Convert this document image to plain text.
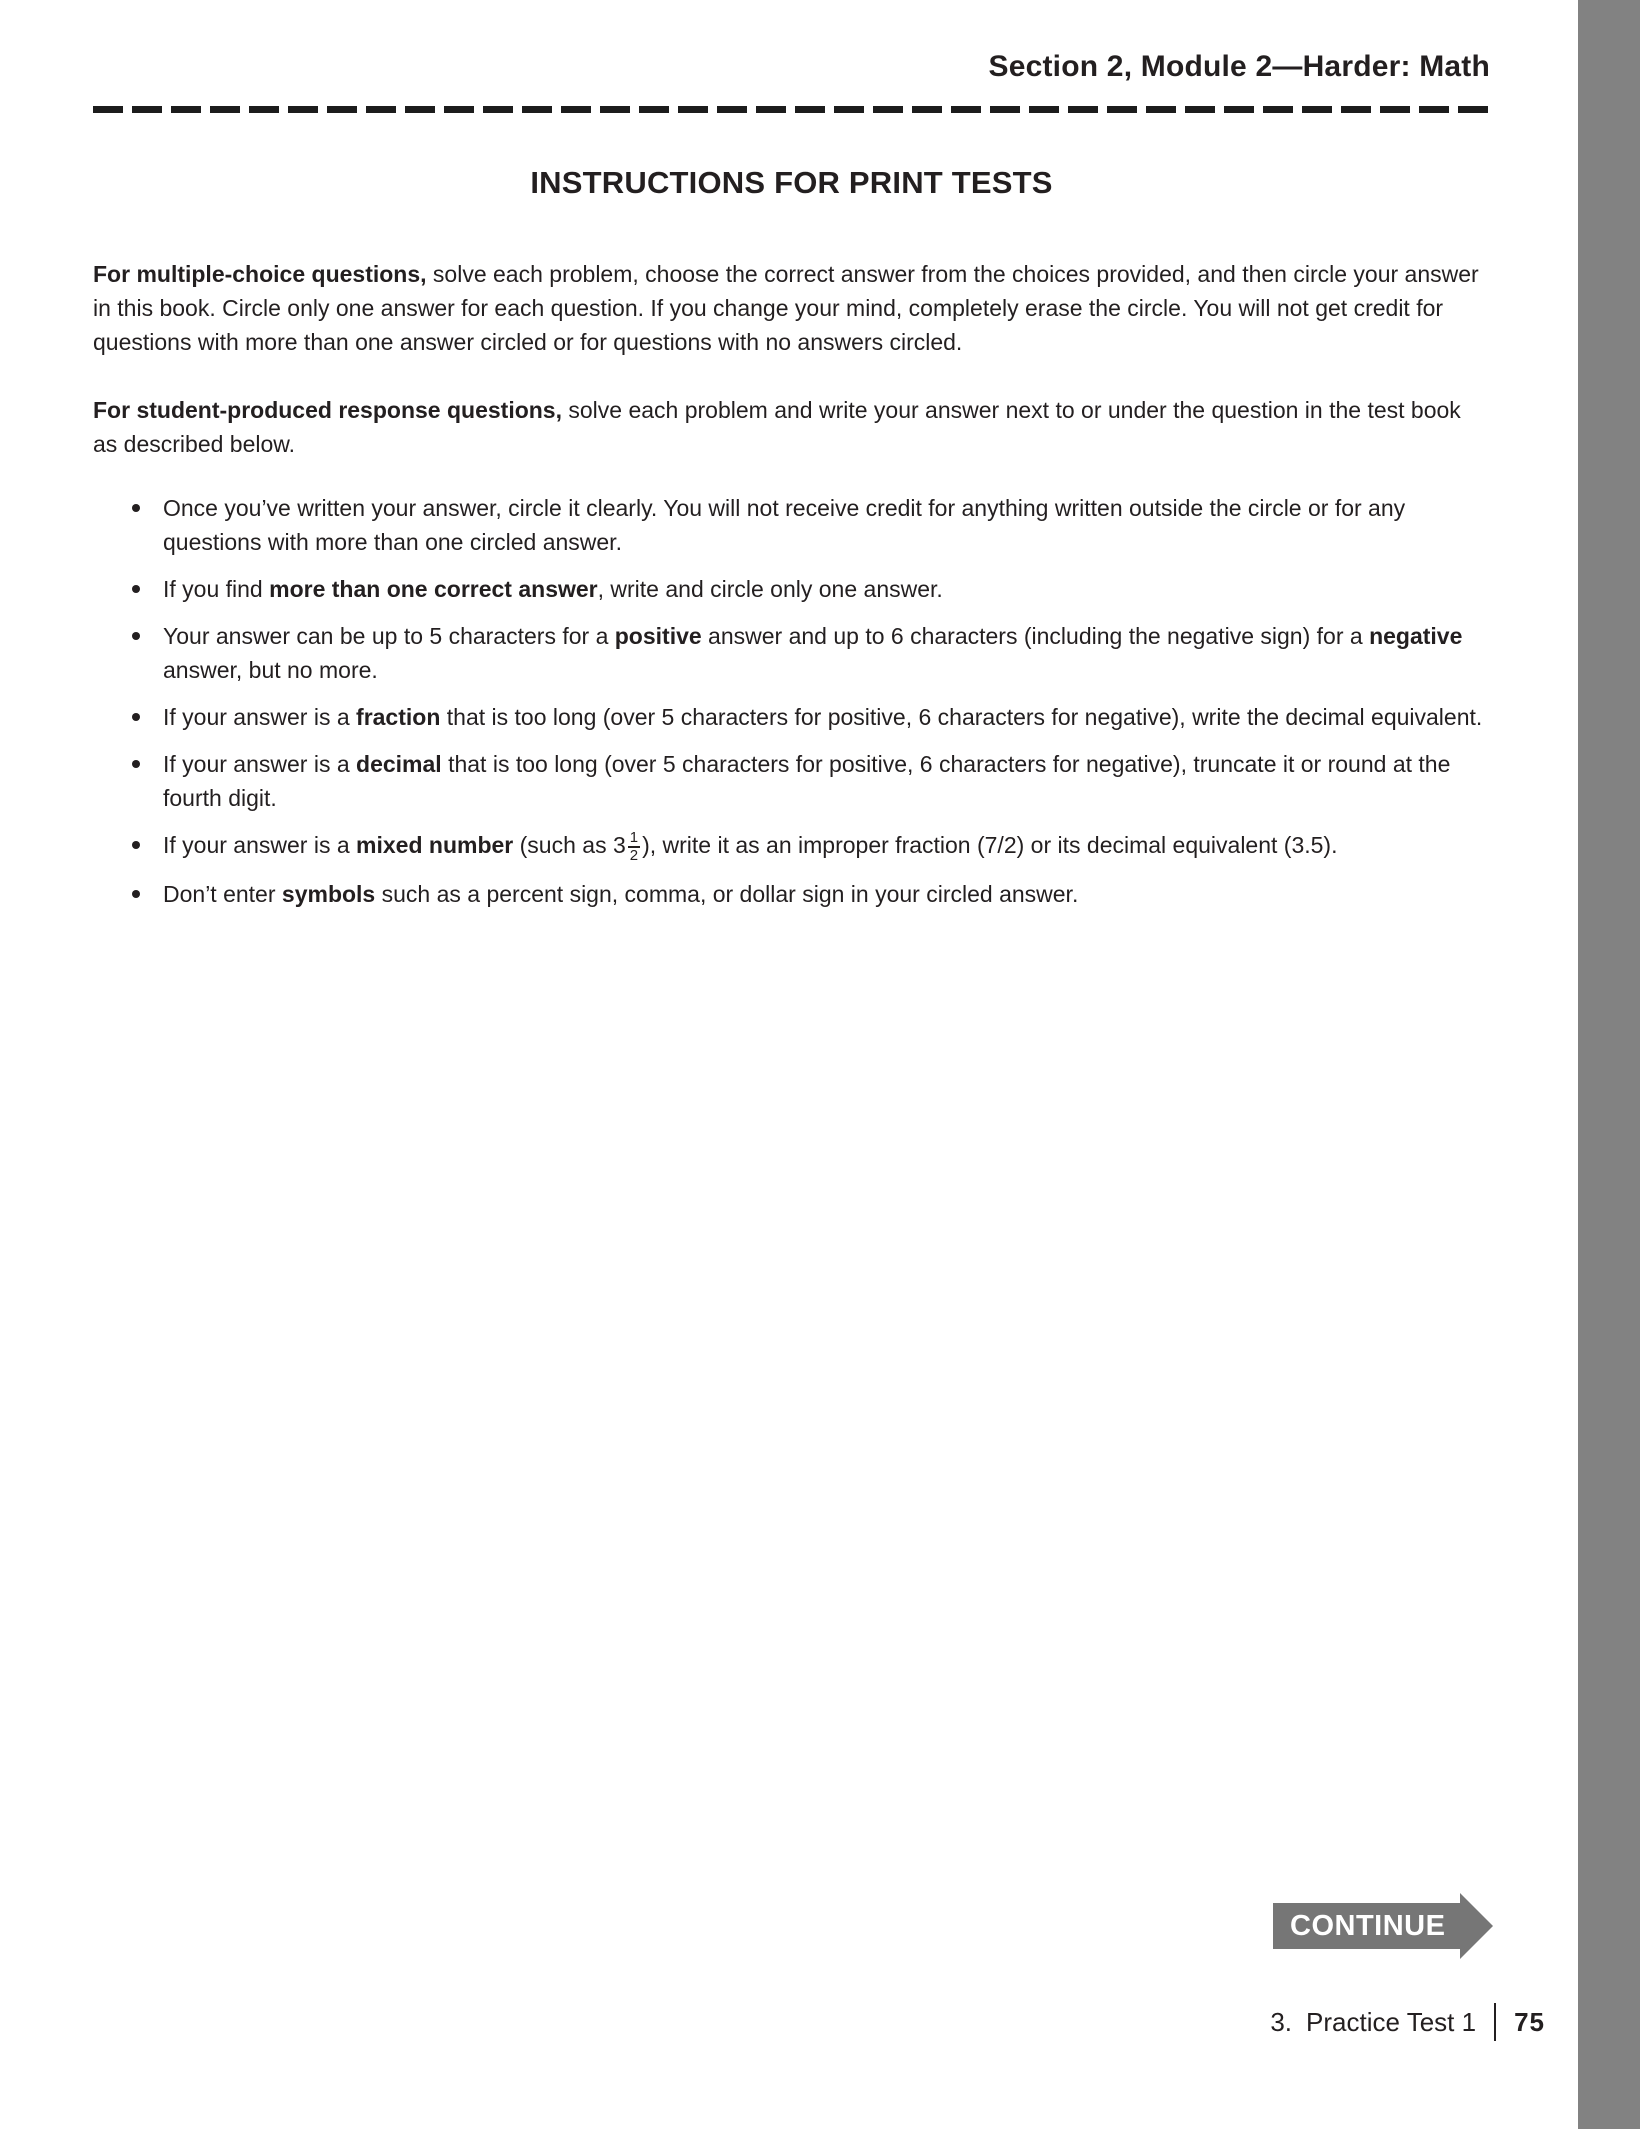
Section 2, Module 2—Harder: Math
INSTRUCTIONS FOR PRINT TESTS

For multiple-choice questions, solve each problem, choose the correct answer from the choices provided, and then circle your answer in this book. Circle only one answer for each question. If you change your mind, completely erase the circle. You will not get credit for questions with more than one answer circled or for questions with no answers circled.

For student-produced response questions, solve each problem and write your answer next to or under the question in the test book as described below.

Once you’ve written your answer, circle it clearly. You will not receive credit for anything written outside the circle or for any questions with more than one circled answer.
If you find more than one correct answer, write and circle only one answer.
Your answer can be up to 5 characters for a positive answer and up to 6 characters (including the negative sign) for a negative answer, but no more.
If your answer is a fraction that is too long (over 5 characters for positive, 6 characters for negative), write the decimal equivalent.
If your answer is a decimal that is too long (over 5 characters for positive, 6 characters for negative), truncate it or round at the fourth digit.
If your answer is a mixed number (such as $3 \frac{1}{2}$ ), write it as an improper fraction (7/2) or its decimal equivalent (3.5).
Don’t enter symbols such as a percent sign, comma, or dollar sign in your circled answer.
CONTINUE
3. Practice Test 1 75
